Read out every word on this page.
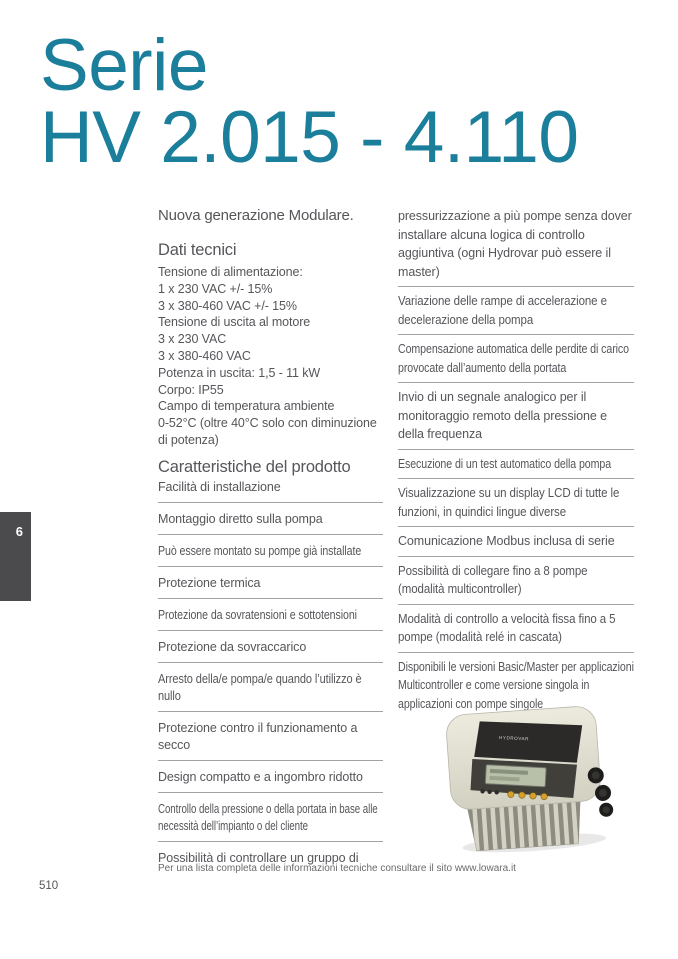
Serie
HV 2.015 - 4.110
6

Nuova generazione Modulare.

Dati tecnici
Tensione di alimentazione:
1 x 230 VAC +/- 15%
3 x 380-460 VAC +/- 15%
Tensione di uscita al motore
3 x 230 VAC
3 x 380-460 VAC
Potenza in uscita: 1,5 - 11 kW
Corpo: IP55
Campo di temperatura ambiente
0-52°C (oltre 40°C solo con diminuzione
di potenza)
Caratteristiche del prodotto
Facilità di installazione
Montaggio diretto sulla pompa
Può essere montato su pompe già installate
Protezione termica
Protezione da sovratensioni e sottotensioni
Protezione da sovraccarico
Arresto della/e pompa/e quando l’utilizzo è nullo
Protezione contro il funzionamento a secco
Design compatto e a ingombro ridotto
Controllo della pressione o della portata in base alle necessità dell’impianto o del cliente
Possibilità di controllare un gruppo di
pressurizzazione a più pompe senza dover installare alcuna logica di controllo aggiuntiva (ogni Hydrovar può essere il master)
Variazione delle rampe di accelerazione e decelerazione della pompa
Compensazione automatica delle perdite di carico provocate dall’aumento della portata
Invio di un segnale analogico per il monitoraggio remoto della pressione e della frequenza
Esecuzione di un test automatico della pompa
Visualizzazione su un display LCD di tutte le funzioni, in quindici lingue diverse
Comunicazione Modbus inclusa di serie
Possibilità di collegare fino a 8 pompe (modalità multicontroller)
Modalità di controllo a velocità fissa fino a 5 pompe (modalità relé in cascata)
Disponibili le versioni Basic/Master per applicazioni Multicontroller e come versione singola in applicazioni con pompe singole
HYDROVAR
Per una lista completa delle informazioni tecniche consultare il sito www.lowara.it
510
